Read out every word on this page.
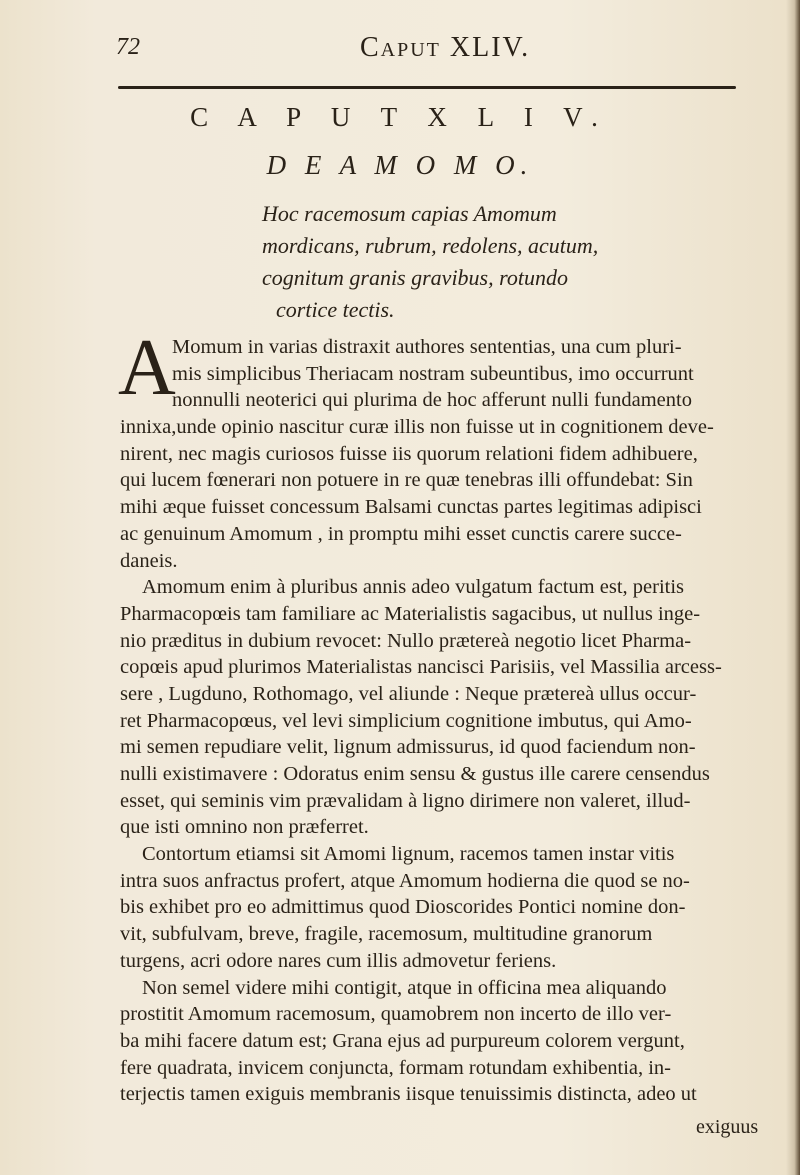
72	Caput XLIV.
C A P U T X L I V.
D E A M O M O.
Hoc racemosum capias Amomum
mordicans, rubrum, redolens, acutum,
cognitum granis gravibus, rotundo
cortice tectis.
A
Momum in varias distraxit authores sententias, una cum pluri-
mis simplicibus Theriacam nostram subeuntibus, imo occurrunt
nonnulli neoterici qui plurima de hoc afferunt nulli fundamento
innixa,unde opinio nascitur curæ illis non fuisse ut in cognitionem deve-
nirent, nec magis curiosos fuisse iis quorum relationi fidem adhibuere,
qui lucem fœnerari non potuere in re quæ tenebras illi offundebat: Sin
mihi æque fuisset concessum Balsami cunctas partes legitimas adipisci
ac genuinum Amomum , in promptu mihi esset cunctis carere succe-
daneis.
Amomum enim à pluribus annis adeo vulgatum factum est, peritis
Pharmacopœis tam familiare ac Materialistis sagacibus, ut nullus inge-
nio præditus in dubium revocet: Nullo prætereà negotio licet Pharma-
copœis apud plurimos Materialistas nancisci Parisiis, vel Massilia arcess-
sere , Lugduno, Rothomago, vel aliunde : Neque prætereà ullus occur-
ret Pharmacopœus, vel levi simplicium cognitione imbutus, qui Amo-
mi semen repudiare velit, lignum admissurus, id quod faciendum non-
nulli existimavere : Odoratus enim sensu & gustus ille carere censendus
esset, qui seminis vim prævalidam à ligno dirimere non valeret, illud-
que isti omnino non præferret.
Contortum etiamsi sit Amomi lignum, racemos tamen instar vitis
intra suos anfractus profert, atque Amomum hodierna die quod se no-
bis exhibet pro eo admittimus quod Dioscorides Pontici nomine don-
vit, subfulvam, breve, fragile, racemosum, multitudine granorum
turgens, acri odore nares cum illis admovetur feriens.
Non semel videre mihi contigit, atque in officina mea aliquando
prostitit Amomum racemosum, quamobrem non incerto de illo ver-
ba mihi facere datum est; Grana ejus ad purpureum colorem vergunt,
fere quadrata, invicem conjuncta, formam rotundam exhibentia, in-
terjectis tamen exiguis membranis iisque tenuissimis distincta, adeo ut
exiguus
